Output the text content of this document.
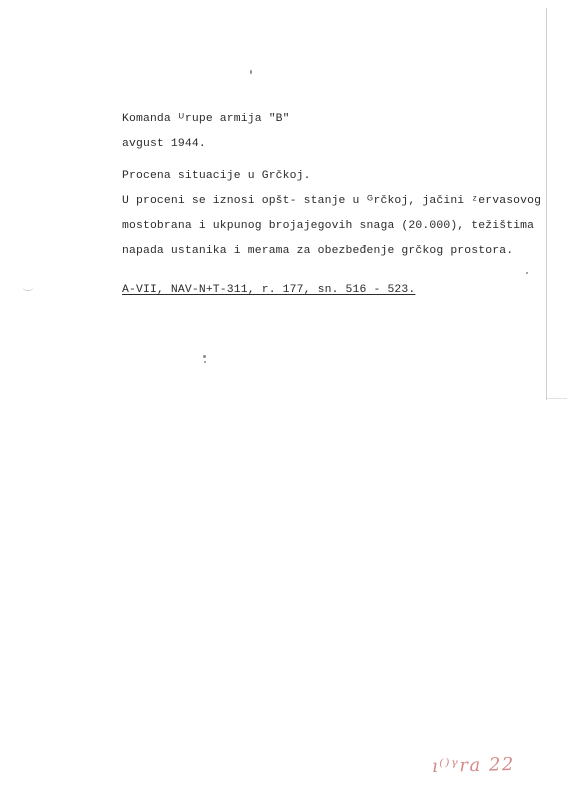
Komanda ᵁrupe armija "B"
avgust 1944.
Procena situacije u Grčkoj.
U proceni se iznosi opšt- stanje u ᴳrčkoj, jačini ᶻervasovog
mostobrana i ukpunog brojajegovih snaga (20.000), težištima
napada ustanika i merama za obezbeđenje grčkog prostora.
A-VII, NAV-N+T-311, r. 177, sn. 516 - 523.
ı⁽⁾ᵞ︎ra 22
